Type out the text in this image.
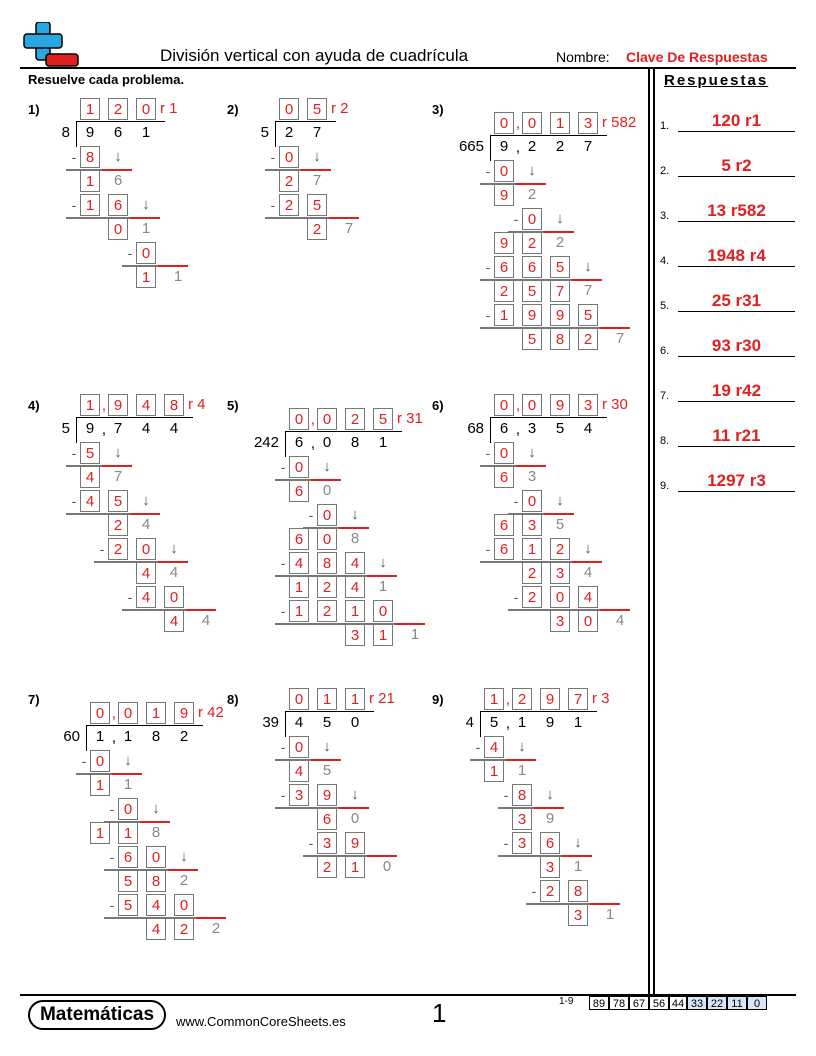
División vertical con ayuda de cuadrícula	Nombre: Clave De Respuestas
Resuelve cada problema.	Respuestas
1.	120 r1
2.	5 r2
3.	13 r582
4.	1948 r4
5.	25 r31
6.	93 r30
7.	19 r42
8.	11 r21
9.	1297 r3
1)	1	2	0 r 1
8	9	6	1
- 8	↓
1	6
- 1	6	↓
0	1
- 0
1	1
2)	0	5 r 2
5	2	7
- 0	↓
2	7
- 2	5
2	7
3)
0	0	1	3
,	r 582
665	9	2	2	7
,
- 0	↓
9	2
- 0	↓
9	2	2
- 6	6	5	↓
2	5	7	7
- 1	9	9	5
5	8	2	7
4)	1	9	4	8
,	r 4
5	9	7	4	4
,
- 5	↓
4	7
- 4	5	↓
2	4
- 2	0	↓
4	4
- 4	0
4	4
5)
0	0	2	5
,	r 31
242	6	0	8	1
,
- 0	↓
6	0
- 0	↓
6	0	8
- 4	8	4	↓
1	2	4	1
- 1	2	1	0
3	1	1
6)	0	0	9	3
,	r 30
68	6	3	5	4
,
- 0	↓
6	3
- 0	↓
6	3	5
- 6	1	2	↓
2	3	4
- 2	0	4
3	0	4
7)
0	0	1	9
,	r 42
60	1	1	8	2
,
- 0	↓
1	1
- 0	↓
1	1	8
- 6	0	↓
5	8	2
- 5	4	0
4	2	2
8)	0	1	1 r 21
39	4	5	0
- 0	↓
4	5
- 3	9	↓
6	0
- 3	9
2	1	0
9)	1	2	9	7
,	r 3
4	5	1	9	1
,
- 4	↓
1	1
- 8	↓
3	9
- 3	6	↓
3	1
- 2	8
3	1
Matemáticas	www.CommonCoreSheets.es	1	1-9	89 78 67 56 44 33 22 11	0
